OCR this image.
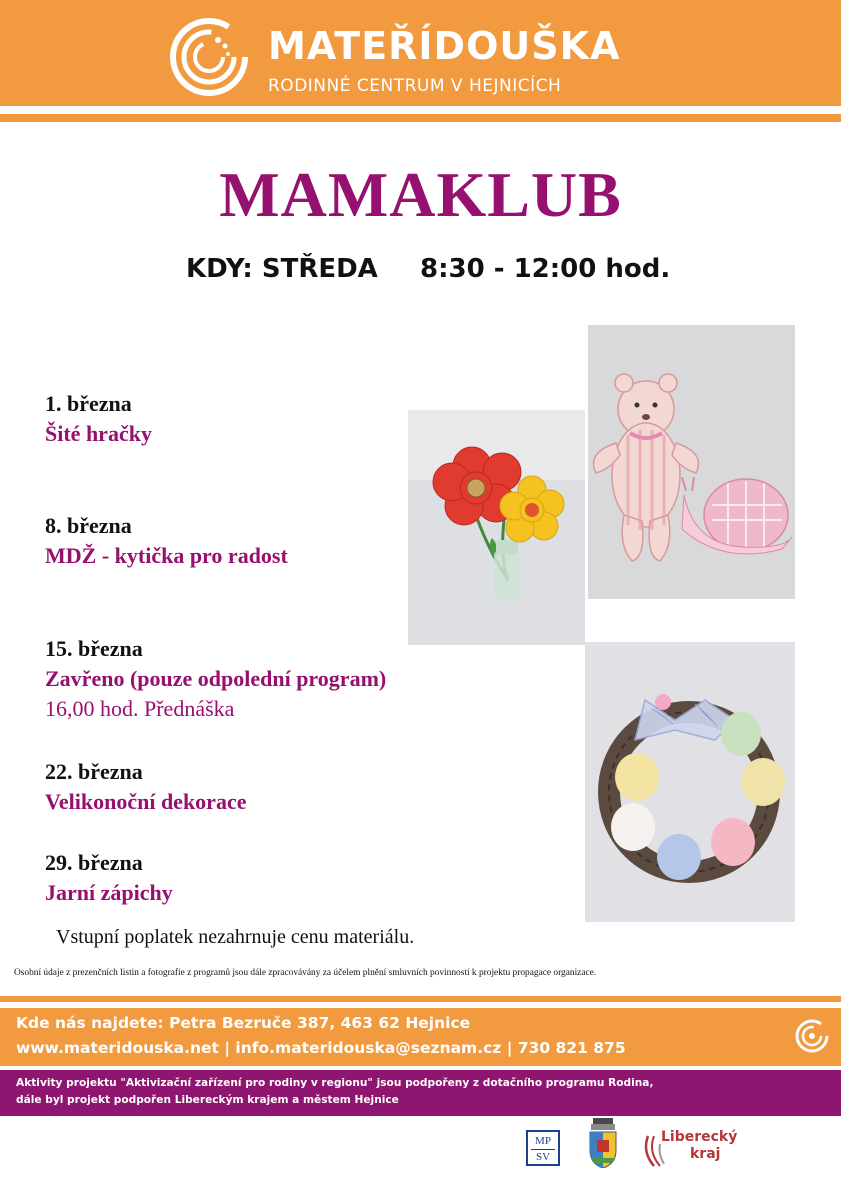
MATEŘÍDOUŠKA
RODINNÉ CENTRUM V HEJNICÍCH
MAMAKLUB
KDY: STŘEDA 8:30 - 12:00 hod.
1. března
Šité hračky
8. března
MDŽ - kytička pro radost
15. března
Zavřeno (pouze odpolední program)
16,00 hod. Přednáška
22. března
Velikonoční dekorace
29. března
Jarní zápichy
Vstupní poplatek nezahrnuje cenu materiálu.
Osobní údaje z prezenčních listin a fotografie z programů jsou dále zpracovávány za účelem plnění smluvních povinností k projektu propagace organizace.
Kde nás najdete: Petra Bezruče 387, 463 62 Hejnice
www.materidouska.net | info.materidouska@seznam.cz | 730 821 875
Aktivity projektu "Aktivizační zařízení pro rodiny v regionu" jsou podpořeny z dotačního programu Rodina,
dále byl projekt podpořen Libereckým krajem a městem Hejnice
MP
SV
Liberecký
kraj
